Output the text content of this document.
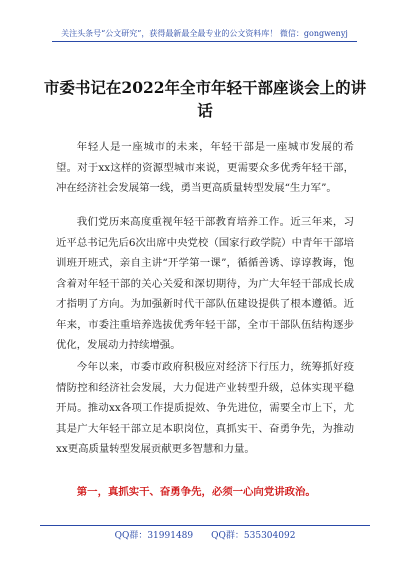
关注头条号“公文研究”，获得最新最全最专业的公文资料库！ 微信：gongwenyj
市委书记在2022年全市年轻干部座谈会上的讲话
年轻人是一座城市的未来，年轻干部是一座城市发展的希望。对于xx这样的资源型城市来说，更需要众多优秀年轻干部，冲在经济社会发展第一线，勇当更高质量转型发展“生力军”。
我们党历来高度重视年轻干部教育培养工作。近三年来，习近平总书记先后6次出席中央党校（国家行政学院）中青年干部培训班开班式，亲自主讲“开学第一课”，循循善诱、谆谆教诲，饱含着对年轻干部的关心关爱和深切期待，为广大年轻干部成长成才指明了方向。为加强新时代干部队伍建设提供了根本遵循。近年来，市委注重培养选拔优秀年轻干部，全市干部队伍结构逐步优化，发展动力持续增强。
今年以来，市委市政府积极应对经济下行压力，统筹抓好疫情防控和经济社会发展，大力促进产业转型升级，总体实现平稳开局。推动xx各项工作提质提效、争先进位，需要全市上下，尤其是广大年轻干部立足本职岗位，真抓实干、奋勇争先，为推动xx更高质量转型发展贡献更多智慧和力量。
第一，真抓实干、奋勇争先，必须一心向党讲政治。
QQ群：31991489 QQ群：535304092
